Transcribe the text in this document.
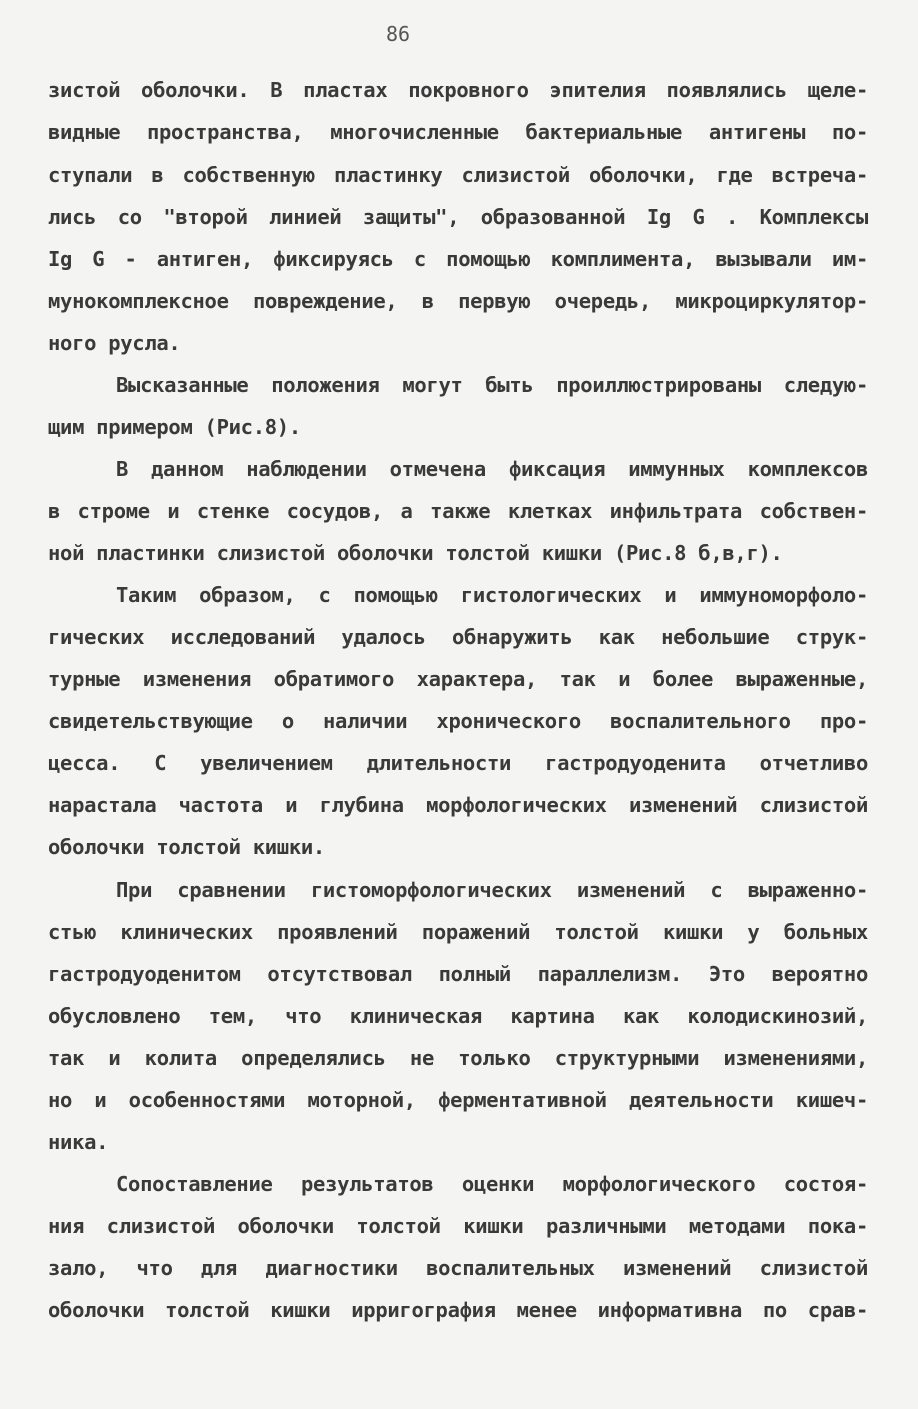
86
зистой оболочки. В пластах покровного эпителия появлялись щеле-
видные пространства, многочисленные бактериальные антигены по-
ступали в собственную пластинку слизистой оболочки, где встреча-
лись со "второй линией защиты", образованной Ig G . Комплексы
Ig G - антиген, фиксируясь с помощью комплимента, вызывали им-
мунокомплексное повреждение, в первую очередь, микроциркулятор-
ного русла.
Высказанные положения могут быть проиллюстрированы следую-
щим примером (Рис.8).
В данном наблюдении отмечена фиксация иммунных комплексов
в строме и стенке сосудов, а также клетках инфильтрата собствен-
ной пластинки слизистой оболочки толстой кишки (Рис.8 б,в,г).
Таким образом, с помощью гистологических и иммуноморфоло-
гических исследований удалось обнаружить как небольшие струк-
турные изменения обратимого характера, так и более выраженные,
свидетельствующие о наличии хронического воспалительного про-
цесса. С увеличением длительности гастродуоденита отчетливо
нарастала частота и глубина морфологических изменений слизистой
оболочки толстой кишки.
При сравнении гистоморфологических изменений с выраженно-
стью клинических проявлений поражений толстой кишки у больных
гастродуоденитом отсутствовал полный параллелизм. Это вероятно
обусловлено тем, что клиническая картина как колодискинозий,
так и колита определялись не только структурными изменениями,
но и особенностями моторной, ферментативной деятельности кишеч-
ника.
Сопоставление результатов оценки морфологического состоя-
ния слизистой оболочки толстой кишки различными методами пока-
зало, что для диагностики воспалительных изменений слизистой
оболочки толстой кишки ирригография менее информативна по срав-
